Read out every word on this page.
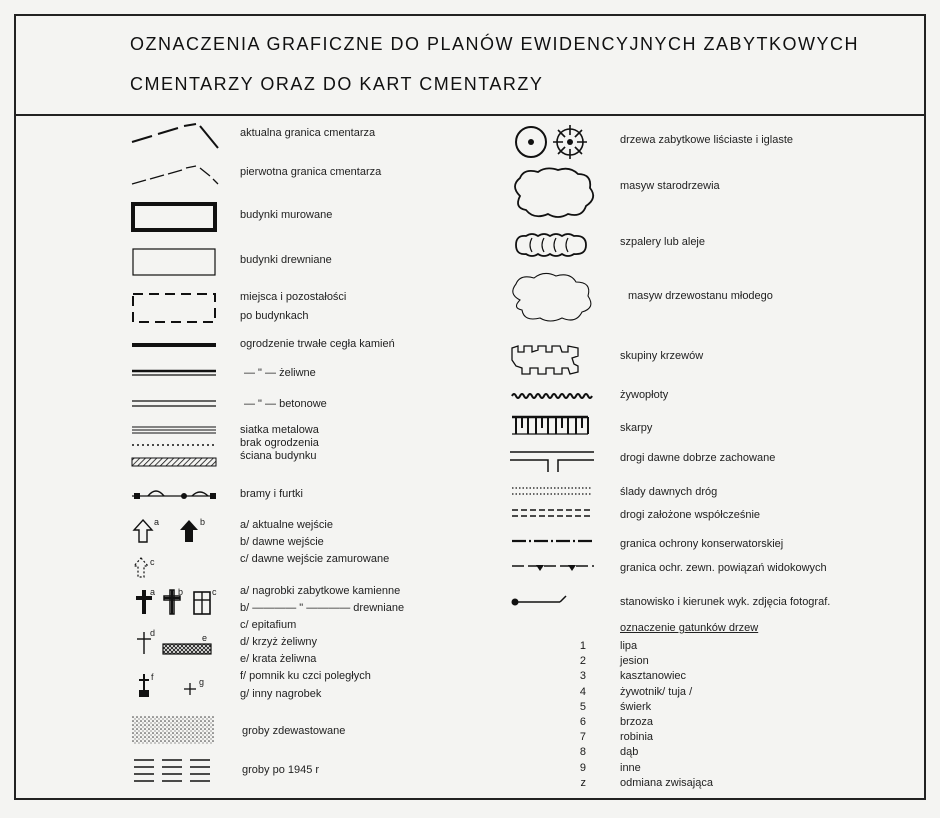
OZNACZENIA GRAFICZNE DO PLANÓW EWIDENCYJNYCH ZABYTKOWYCH
CMENTARZY ORAZ DO KART CMENTARZY
aktualna granica cmentarza
pierwotna granica cmentarza
budynki murowane
budynki drewniane
miejsca i pozostałości
po budynkach
ogrodzenie trwałe cegła kamień
— " — żeliwne
— " — betonowe
siatka metalowa
brak ogrodzenia
ściana budynku
bramy i furtki
a	b	a/ aktualne wejście
b/ dawne wejście
c	c/ dawne wejście zamurowane
a	b	c a/ nagrobki zabytkowe kamienne
b/ ———— " ———— drewniane
c/ epitafium
d	e	d/ krzyż żeliwny
e/ krata żeliwna
f	g	f/ pomnik ku czci poległych
g/ inny nagrobek
groby zdewastowane
groby po 1945 r
drzewa zabytkowe liściaste i iglaste
masyw starodrzewia
szpalery lub aleje
masyw drzewostanu młodego
skupiny krzewów
żywopłoty
skarpy
drogi dawne dobrze zachowane
ślady dawnych dróg
drogi założone współcześnie
granica ochrony konserwatorskiej
granica ochr. zewn. powiązań widokowych
stanowisko i kierunek wyk. zdjęcia fotograf.
oznaczenie gatunków drzew
1	lipa
2	jesion
3	kasztanowiec
4	żywotnik/ tuja /
5	świerk
6	brzoza
7	robinia
8	dąb
9	inne
z	odmiana zwisająca
